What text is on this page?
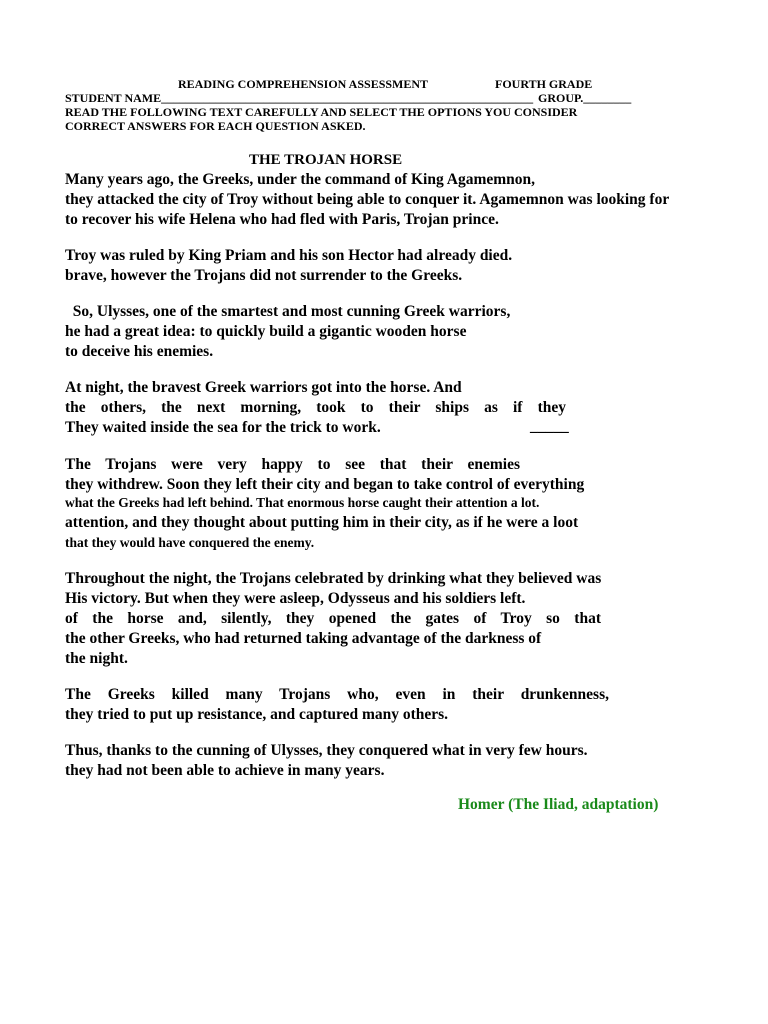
READING COMPREHENSION ASSESSMENT	FOURTH GRADE
STUDENT NAME______________________________________________________________ GROUP.________
READ THE FOLLOWING TEXT CAREFULLY AND SELECT THE OPTIONS YOU CONSIDER
CORRECT ANSWERS FOR EACH QUESTION ASKED.
THE TROJAN HORSE
Many years ago, the Greeks, under the command of King Agamemnon,
they attacked the city of Troy without being able to conquer it. Agamemnon was looking for
to recover his wife Helena who had fled with Paris, Trojan prince.
Troy was ruled by King Priam and his son Hector had already died.
brave, however the Trojans did not surrender to the Greeks.
So, Ulysses, one of the smartest and most cunning Greek warriors,
he had a great idea: to quickly build a gigantic wooden horse
to deceive his enemies.
At night, the bravest Greek warriors got into the horse. And
the others, the next morning, took to their ships as if they
They waited inside the sea for the trick to work.	_____
The Trojans were very happy to see that their enemies
they withdrew. Soon they left their city and began to take control of everything
what the Greeks had left behind. That enormous horse caught their attention a lot.
attention, and they thought about putting him in their city, as if he were a loot
that they would have conquered the enemy.
Throughout the night, the Trojans celebrated by drinking what they believed was
His victory. But when they were asleep, Odysseus and his soldiers left.
of the horse and, silently, they opened the gates of Troy so that
the other Greeks, who had returned taking advantage of the darkness of
the night.
The Greeks killed many Trojans who, even in their drunkenness,
they tried to put up resistance, and captured many others.
Thus, thanks to the cunning of Ulysses, they conquered what in very few hours.
they had not been able to achieve in many years.
Homer (The Iliad, adaptation)
